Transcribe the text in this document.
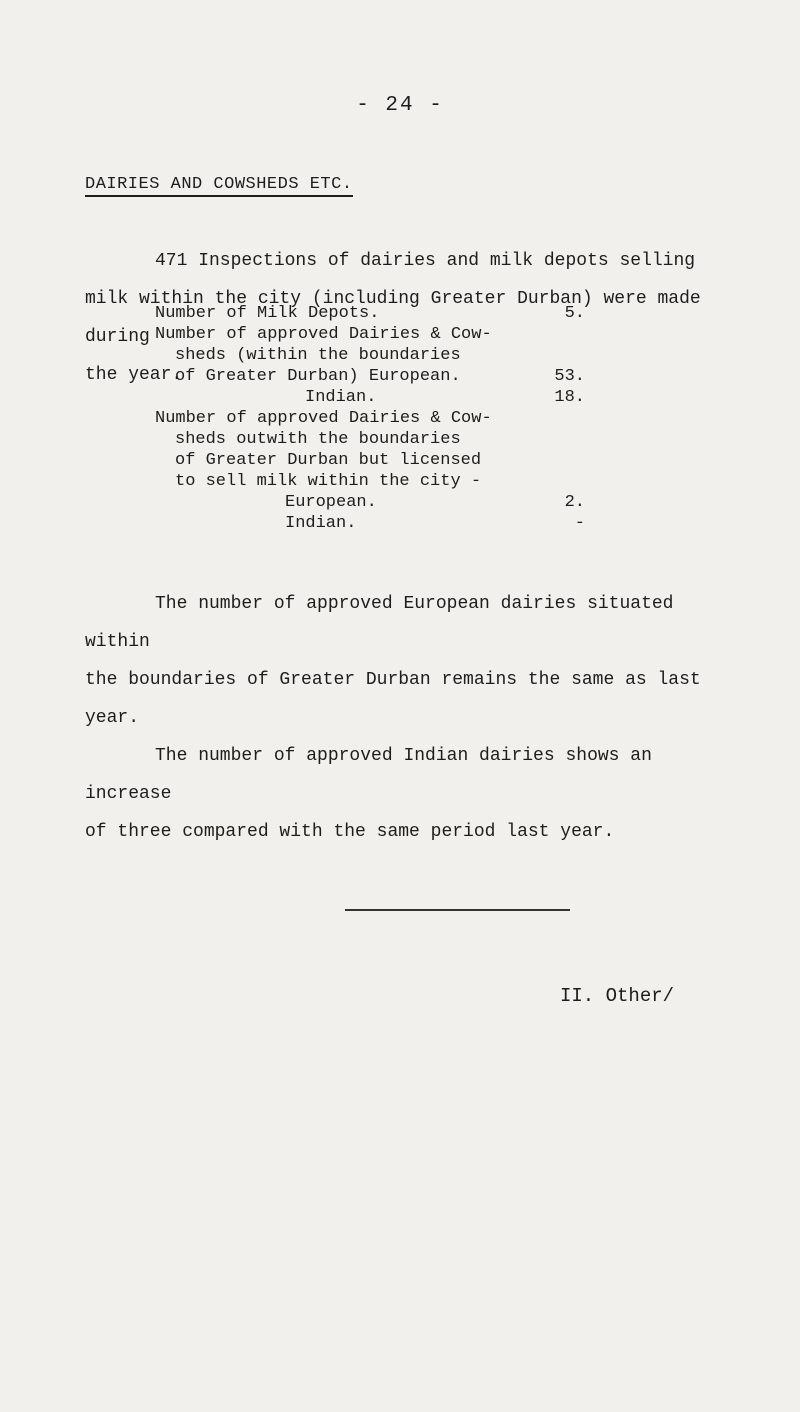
- 24 -
DAIRIES AND COWSHEDS ETC.
471 Inspections of dairies and milk depots selling
milk within the city (including Greater Durban) were made during
the year.
Number of Milk Depots.	5.
Number of approved Dairies & Cow-
sheds (within the boundaries
of Greater Durban) European.	53.
Indian.	18.
Number of approved Dairies & Cow-
sheds outwith the boundaries
of Greater Durban but licensed
to sell milk within the city -
European.	2.
Indian.	-
The number of approved European dairies situated within
the boundaries of Greater Durban remains the same as last year.
The number of approved Indian dairies shows an increase
of three compared with the same period last year.
II. Other/
